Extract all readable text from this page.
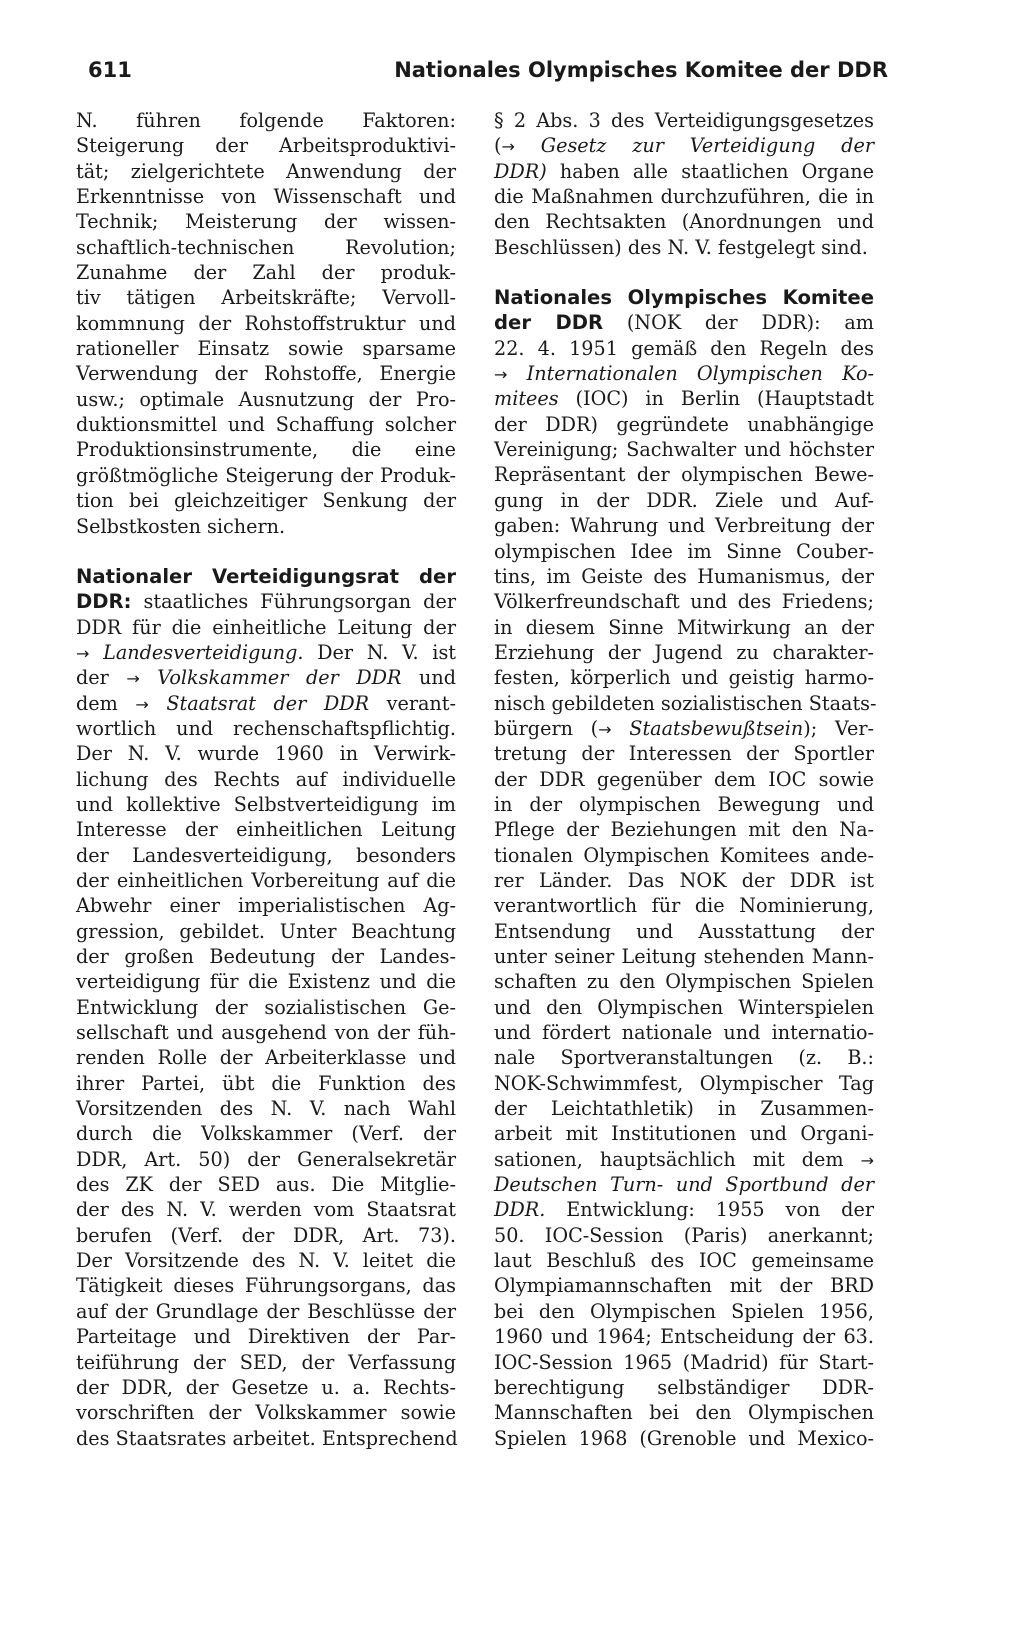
611	Nationales Olympisches Komitee der DDR
N. führen folgende Faktoren:
Steigerung der Arbeitsproduktivi-
tät; zielgerichtete Anwendung der
Erkenntnisse von Wissenschaft und
Technik; Meisterung der wissen-
schaftlich-technischen Revolution;
Zunahme der Zahl der produk-
tiv tätigen Arbeitskräfte; Vervoll-
kommnung der Rohstoffstruktur und
rationeller Einsatz sowie sparsame
Verwendung der Rohstoffe, Energie
usw.; optimale Ausnutzung der Pro-
duktionsmittel und Schaffung solcher
Produktionsinstrumente, die eine
größtmögliche Steigerung der Produk-
tion bei gleichzeitiger Senkung der
Selbstkosten sichern.
Nationaler Verteidigungsrat der
DDR: staatliches Führungsorgan der
DDR für die einheitliche Leitung der
→ Landesverteidigung. Der N. V. ist
der → Volkskammer der DDR und
dem → Staatsrat der DDR verant-
wortlich und rechenschaftspflichtig.
Der N. V. wurde 1960 in Verwirk-
lichung des Rechts auf individuelle
und kollektive Selbstverteidigung im
Interesse der einheitlichen Leitung
der Landesverteidigung, besonders
der einheitlichen Vorbereitung auf die
Abwehr einer imperialistischen Ag-
gression, gebildet. Unter Beachtung
der großen Bedeutung der Landes-
verteidigung für die Existenz und die
Entwicklung der sozialistischen Ge-
sellschaft und ausgehend von der füh-
renden Rolle der Arbeiterklasse und
ihrer Partei, übt die Funktion des
Vorsitzenden des N. V. nach Wahl
durch die Volkskammer (Verf. der
DDR, Art. 50) der Generalsekretär
des ZK der SED aus. Die Mitglie-
der des N. V. werden vom Staatsrat
berufen (Verf. der DDR, Art. 73).
Der Vorsitzende des N. V. leitet die
Tätigkeit dieses Führungsorgans, das
auf der Grundlage der Beschlüsse der
Parteitage und Direktiven der Par-
teiführung der SED, der Verfassung
der DDR, der Gesetze u. a. Rechts-
vorschriften der Volkskammer sowie
des Staatsrates arbeitet. Entsprechend
§ 2 Abs. 3 des Verteidigungsgesetzes
(→ Gesetz zur Verteidigung der
DDR) haben alle staatlichen Organe
die Maßnahmen durchzuführen, die in
den Rechtsakten (Anordnungen und
Beschlüssen) des N. V. festgelegt sind.
Nationales Olympisches Komitee
der DDR (NOK der DDR): am
22. 4. 1951 gemäß den Regeln des
→ Internationalen Olympischen Ko-
mitees (IOC) in Berlin (Hauptstadt
der DDR) gegründete unabhängige
Vereinigung; Sachwalter und höchster
Repräsentant der olympischen Bewe-
gung in der DDR. Ziele und Auf-
gaben: Wahrung und Verbreitung der
olympischen Idee im Sinne Couber-
tins, im Geiste des Humanismus, der
Völkerfreundschaft und des Friedens;
in diesem Sinne Mitwirkung an der
Erziehung der Jugend zu charakter-
festen, körperlich und geistig harmo-
nisch gebildeten sozialistischen Staats-
bürgern (→ Staatsbewußtsein); Ver-
tretung der Interessen der Sportler
der DDR gegenüber dem IOC sowie
in der olympischen Bewegung und
Pflege der Beziehungen mit den Na-
tionalen Olympischen Komitees ande-
rer Länder. Das NOK der DDR ist
verantwortlich für die Nominierung,
Entsendung und Ausstattung der
unter seiner Leitung stehenden Mann-
schaften zu den Olympischen Spielen
und den Olympischen Winterspielen
und fördert nationale und internatio-
nale Sportveranstaltungen (z. B.:
NOK-Schwimmfest, Olympischer Tag
der Leichtathletik) in Zusammen-
arbeit mit Institutionen und Organi-
sationen, hauptsächlich mit dem →
Deutschen Turn- und Sportbund der
DDR. Entwicklung: 1955 von der
50. IOC-Session (Paris) anerkannt;
laut Beschluß des IOC gemeinsame
Olympiamannschaften mit der BRD
bei den Olympischen Spielen 1956,
1960 und 1964; Entscheidung der 63.
IOC-Session 1965 (Madrid) für Start-
berechtigung selbständiger DDR-
Mannschaften bei den Olympischen
Spielen 1968 (Grenoble und Mexico-
